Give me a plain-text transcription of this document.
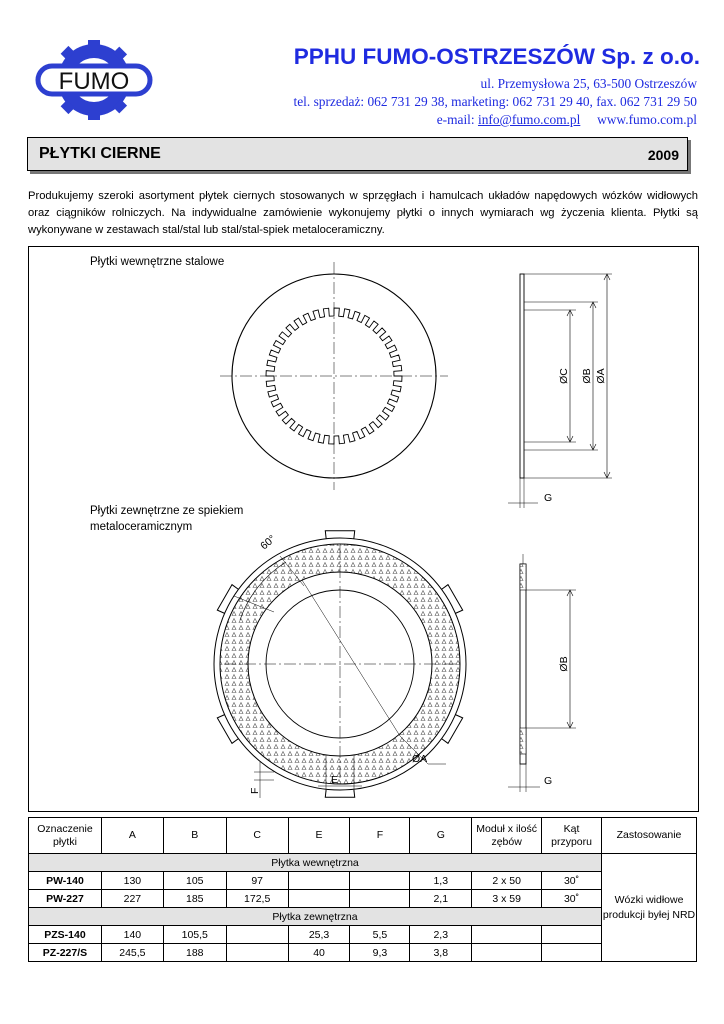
FUMO
PPHU FUMO-OSTRZESZÓW Sp. z o.o.
ul. Przemysłowa 25, 63-500 Ostrzeszów
tel. sprzedaż: 062 731 29 38, marketing: 062 731 29 40, fax. 062 731 29 50
e-mail: info@fumo.com.pl www.fumo.com.pl
PŁYTKI CIERNE	2009
Produkujemy szeroki asortyment płytek ciernych stosowanych w sprzęgłach i hamulcach układów napędowych wózków widłowych oraz ciągników rolniczych. Na indywidualne zamówienie wykonujemy płytki o innych wymiarach wg życzenia klienta. Płytki są wykonywane w zestawach stal/stal lub stal/stal-spiek metaloceramiczny.
Płytki wewnętrzne stalowe
Płytki zewnętrzne ze spiekiem metaloceramicznym
ØC ØB ØA
G
60°
ØA
E
F
ØB
G
Oznaczenie płytki	A	B	C	E	F	G	Moduł x ilość zębów	Kąt przyporu	Zastosowanie
Płytka wewnętrzna									Wózki widłowe produkcji byłej NRD
PW-140	130	105	97			1,3	2 x 50	30˚	
PW-227	227	185	172,5			2,1	3 x 59	30˚	
Płytka zewnętrzna									
PZS-140	140	105,5		25,3	5,5	2,3			
PZ-227/S	245,5	188		40	9,3	3,8			
